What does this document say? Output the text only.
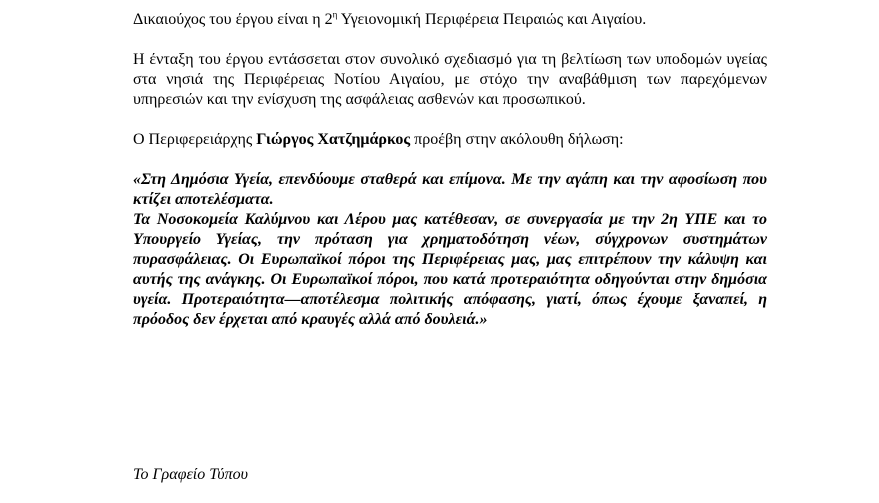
Δικαιούχος του έργου είναι η $2^\eta$ Υγειονομική Περιφέρεια Πειραιώς και Αιγαίου.

Η ένταξη του έργου εντάσσεται στον συνολικό σχεδιασμό για τη βελτίωση των υποδομών υγείας στα νησιά της Περιφέρειας Νοτίου Αιγαίου, με στόχο την αναβάθμιση των παρεχόμενων υπηρεσιών και την ενίσχυση της ασφάλειας ασθενών και προσωπικού.

Ο Περιφερειάρχης Γιώργος Χατζημάρκος προέβη στην ακόλουθη δήλωση:

«Στη Δημόσια Υγεία, επενδύουμε σταθερά και επίμονα. Με την αγάπη και την αφοσίωση που κτίζει αποτελέσματα.
Τα Νοσοκομεία Καλύμνου και Λέρου μας κατέθεσαν, σε συνεργασία με την 2η ΥΠΕ και το Υπουργείο Υγείας, την πρόταση για χρηματοδότηση νέων, σύγχρονων συστημάτων πυρασφάλειας. Οι Ευρωπαϊκοί πόροι της Περιφέρειας μας, μας επιτρέπουν την κάλυψη και αυτής της ανάγκης. Οι Ευρωπαϊκοί πόροι, που κατά προτεραιότητα οδηγούνται στην δημόσια υγεία. Προτεραιότητα—αποτέλεσμα πολιτικής απόφασης, γιατί, όπως έχουμε ξαναπεί, η πρόοδος δεν έρχεται από κραυγές αλλά από δουλειά.»
Το Γραφείο Τύπου
